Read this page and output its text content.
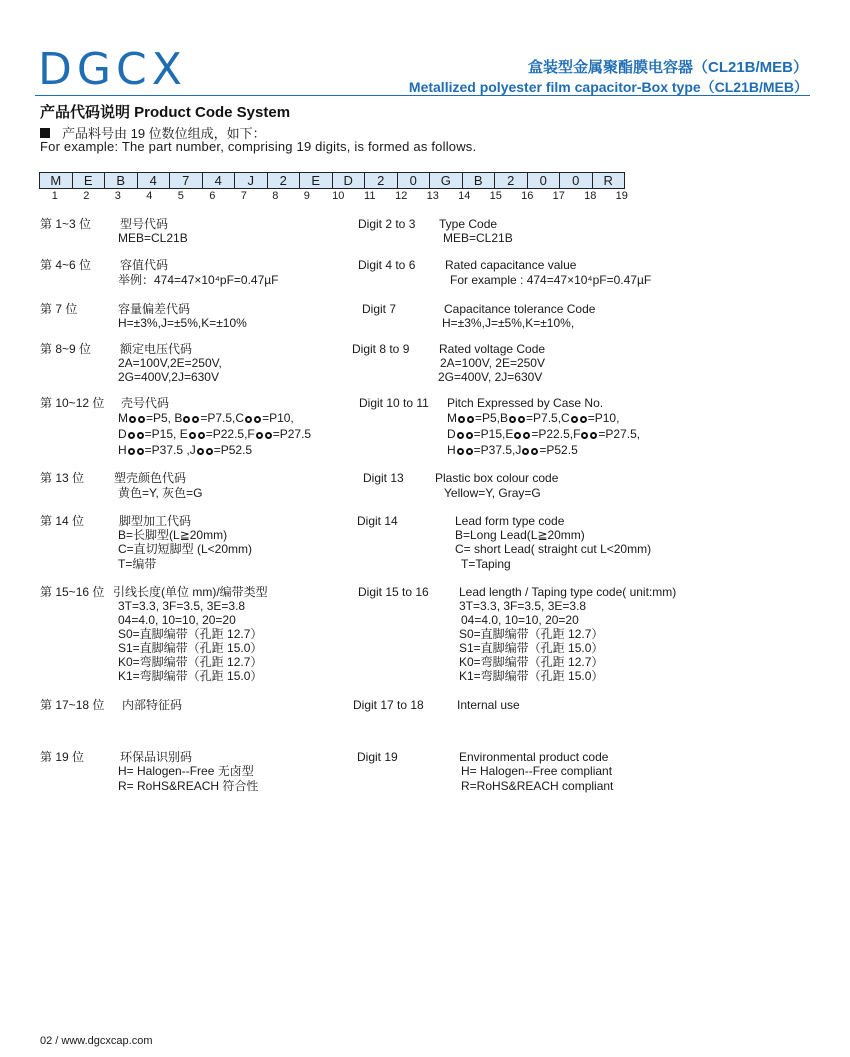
DGCX	盒装型金属聚酯膜电容器（CL21B/MEB）
Metallized polyester film capacitor-Box type（CL21B/MEB）
产品代码说明 Product Code System
产品料号由 19 位数位组成，如下：
For example: The part number, comprising 19 digits, is formed as follows.
M	E	B	4	7	4	J	2	E	D	2	0	G	B	2	0	0	R
1	2	3	4	5	6	7	8	9	10	11	12	13	14	15	16	17	18	19
第 1~3 位 型号代码
MEB=CL21B
Digit 2 to 3 Type Code
MEB=CL21B
第 4~6 位 容值代码
举例：474=47×10⁴pF=0.47µF
Digit 4 to 6 Rated capacitance value
For example : 474=47×10⁴pF=0.47µF
第 7 位	容量偏差代码
H=±3%,J=±5%,K=±10%
Digit 7	Capacitance tolerance Code
H=±3%,J=±5%,K=±10%,
第 8~9 位 额定电压代码
2A=100V,2E=250V,
2G=400V,2J=630V
Digit 8 to 9 Rated voltage Code
2A=100V, 2E=250V
2G=400V, 2J=630V
第 10~12 位 壳号代码
M =P5, B =P7.5,C =P10,
D =P15, E =P22.5,F =P27.5
H =P37.5 ,J =P52.5
Digit 10 to 11 Pitch Expressed by Case No.
M =P5,B =P7.5,C =P10,
D =P15,E =P22.5,F =P27.5,
H =P37.5,J =P52.5
第 13 位 塑壳颜色代码
黄色=Y, 灰色=G
Digit 13	Plastic box colour code
Yellow=Y, Gray=G
第 14 位	脚型加工代码
B=长脚型(L≧20mm)
C=直切短脚型 (L<20mm)
T=编带
Digit 14	Lead form type code
B=Long Lead(L≧20mm)
C= short Lead( straight cut L<20mm)
T=Taping
第 15~16 位 引线长度(单位 mm)/编带类型
3T=3.3, 3F=3.5, 3E=3.8
04=4.0, 10=10, 20=20
S0=直脚编带（孔距 12.7）
S1=直脚编带（孔距 15.0）
K0=弯脚编带（孔距 12.7）
K1=弯脚编带（孔距 15.0）
Digit 15 to 16	Lead length / Taping type code( unit:mm)
3T=3.3, 3F=3.5, 3E=3.8
04=4.0, 10=10, 20=20
S0=直脚编带（孔距 12.7）
S1=直脚编带（孔距 15.0）
K0=弯脚编带（孔距 12.7）
K1=弯脚编带（孔距 15.0）
第 17~18 位 内部特征码	Digit 17 to 18	Internal use
第 19 位	环保品识别码
H= Halogen--Free 无卤型
R= RoHS&REACH 符合性
Digit 19	Environmental product code
H= Halogen--Free compliant
R=RoHS&REACH compliant
02 / www.dgcxcap.com
